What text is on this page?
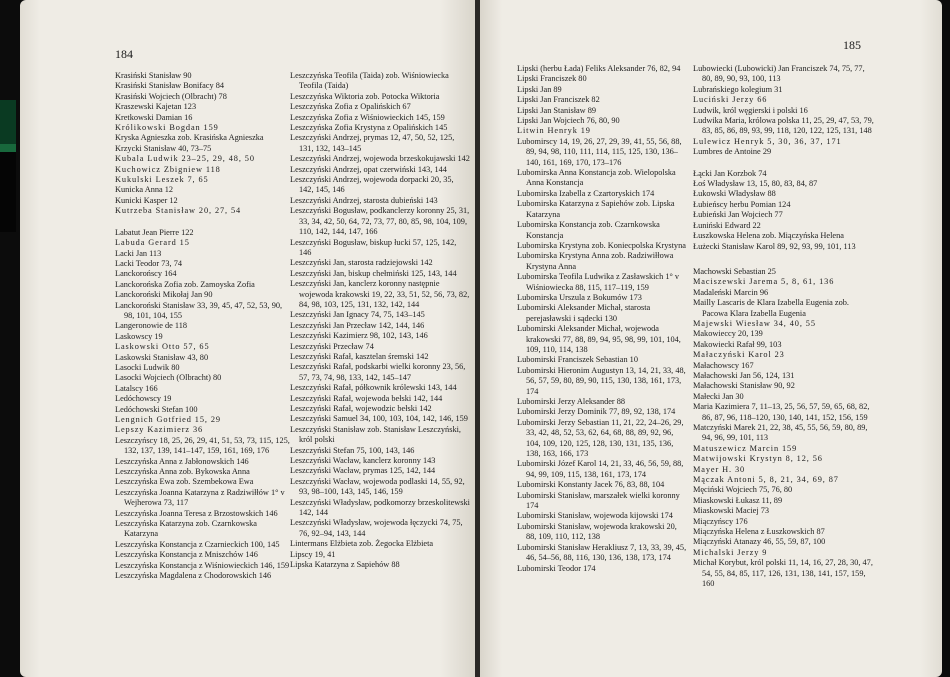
184

Krasiński Stanisław 90

Krasiński Stanisław Bonifacy 84

Krasiński Wojciech (Olbracht) 78

Kraszewski Kajetan 123

Kretkowski Damian 16

Królikowski Bogdan 159

Kryska Agnieszka zob. Krasińska Agnieszka

Krzycki Stanisław 40, 73–75

Kubala Ludwik 23–25, 29, 48, 50

Kuchowicz Zbigniew 118

Kukulski Leszek 7, 65

Kunicka Anna 12

Kunicki Kasper 12

Kutrzeba Stanisław 20, 27, 54

Labatut Jean Pierre 122

Labuda Gerard 15

Lacki Jan 113

Lacki Teodor 73, 74

Lanckorońscy 164

Lanckorońska Zofia zob. Zamoyska Zofia

Lanckoroński Mikołaj Jan 90

Lanckoroński Stanisław 33, 39, 45, 47, 52, 53, 90, 98, 101, 104, 155

Langeronowie de 118

Laskowscy 19

Laskowski Otto 57, 65

Laskowski Stanisław 43, 80

Lasocki Ludwik 80

Lasocki Wojciech (Olbracht) 80

Latalscy 166

Ledóchowscy 19

Ledóchowski Stefan 100

Lengnich Gotfried 15, 29

Lepszy Kazimierz 36

Leszczyńscy 18, 25, 26, 29, 41, 51, 53, 73, 115, 125, 132, 137, 139, 141–147, 159, 161, 169, 176

Leszczyńska Anna z Jabłonowskich 146

Leszczyńska Anna zob. Bykowska Anna

Leszczyńska Ewa zob. Szembekowa Ewa

Leszczyńska Joanna Katarzyna z Radziwiłłów 1° v Wejherowa 73, 117

Leszczyńska Joanna Teresa z Brzostowskich 146

Leszczyńska Katarzyna zob. Czarnkowska Katarzyna

Leszczyńska Konstancja z Czarnieckich 100, 145

Leszczyńska Konstancja z Mniszchów 146

Leszczyńska Konstancja z Wiśniowieckich 146, 159

Leszczyńska Magdalena z Chodorowskich 146

Leszczyńska Teofila (Taida) zob. Wiśniowiecka Teofila (Taida)

Leszczyńska Wiktoria zob. Potocka Wiktoria

Leszczyńska Zofia z Opalińskich 67

Leszczyńska Zofia z Wiśniowieckich 145, 159

Leszczyńska Zofia Krystyna z Opalińskich 145

Leszczyński Andrzej, prymas 12, 47, 50, 52, 125, 131, 132, 143–145

Leszczyński Andrzej, wojewoda brzeskokujawski 142

Leszczyński Andrzej, opat czerwiński 143, 144

Leszczyński Andrzej, wojewoda dorpacki 20, 35, 142, 145, 146

Leszczyński Andrzej, starosta dubieński 143

Leszczyński Bogusław, podkanclerzy koronny 25, 31, 33, 34, 42, 50, 64, 72, 73, 77, 80, 85, 98, 104, 109, 110, 142, 144, 147, 166

Leszczyński Bogusław, biskup łucki 57, 125, 142, 146

Leszczyński Jan, starosta radziejowski 142

Leszczyński Jan, biskup chełmiński 125, 143, 144

Leszczyński Jan, kanclerz koronny następnie wojewoda krakowski 19, 22, 33, 51, 52, 56, 73, 82, 84, 98, 103, 125, 131, 132, 142, 144

Leszczyński Jan Ignacy 74, 75, 143–145

Leszczyński Jan Przecław 142, 144, 146

Leszczyński Kazimierz 98, 102, 143, 146

Leszczyński Przecław 74

Leszczyński Rafał, kasztelan śremski 142

Leszczyński Rafał, podskarbi wielki koronny 23, 56, 57, 73, 74, 98, 133, 142, 145–147

Leszczyński Rafał, półkownik królewski 143, 144

Leszczyński Rafał, wojewoda bełski 142, 144

Leszczyński Rafał, wojewodzic bełski 142

Leszczyński Samuel 34, 100, 103, 104, 142, 146, 159

Leszczyński Stanisław zob. Stanisław Leszczyński, król polski

Leszczyński Stefan 75, 100, 143, 146

Leszczyński Wacław, kanclerz koronny 143

Leszczyński Wacław, prymas 125, 142, 144

Leszczyński Wacław, wojewoda podlaski 14, 55, 92, 93, 98–100, 143, 145, 146, 159

Leszczyński Władysław, podkomorzy brzeskolitewski 142, 144

Leszczyński Władysław, wojewoda łęczycki 74, 75, 76, 92–94, 143, 144

Lintermans Elżbieta zob. Żegocka Elżbieta

Lipscy 19, 41

Lipska Katarzyna z Sapiehów 88

185

Lipski (herbu Łada) Feliks Aleksander 76, 82, 94

Lipski Franciszek 80

Lipski Jan 89

Lipski Jan Franciszek 82

Lipski Jan Stanisław 89

Lipski Jan Wojciech 76, 80, 90

Litwin Henryk 19

Lubomirscy 14, 19, 26, 27, 29, 39, 41, 55, 56, 88, 89, 94, 98, 110, 111, 114, 115, 125, 130, 136–140, 161, 169, 170, 173–176

Lubomirska Anna Konstancja zob. Wielopolska Anna Konstancja

Lubomirska Izabella z Czartoryskich 174

Lubomirska Katarzyna z Sapiehów zob. Lipska Katarzyna

Lubomirska Konstancja zob. Czarnkowska Konstancja

Lubomirska Krystyna zob. Koniecpolska Krystyna

Lubomirska Krystyna Anna zob. Radziwiłłowa Krystyna Anna

Lubomirska Teofila Ludwika z Zasławskich 1° v Wiśniowiecka 88, 115, 117–119, 159

Lubomirska Urszula z Bokumów 173

Lubomirski Aleksander Michał, starosta perejasławski i sądecki 130

Lubomirski Aleksander Michał, wojewoda krakowski 77, 88, 89, 94, 95, 98, 99, 101, 104, 109, 110, 114, 138

Lubomirski Franciszek Sebastian 10

Lubomirski Hieronim Augustyn 13, 14, 21, 33, 48, 56, 57, 59, 80, 89, 90, 115, 130, 138, 161, 173, 174

Lubomirski Jerzy Aleksander 88

Lubomirski Jerzy Dominik 77, 89, 92, 138, 174

Lubomirski Jerzy Sebastian 11, 21, 22, 24–26, 29, 33, 42, 48, 52, 53, 62, 64, 68, 88, 89, 92, 96, 104, 109, 120, 125, 128, 130, 131, 135, 136, 138, 163, 166, 173

Lubomirski Józef Karol 14, 21, 33, 46, 56, 59, 88, 94, 99, 109, 115, 138, 161, 173, 174

Lubomirski Konstanty Jacek 76, 83, 88, 104

Lubomirski Stanisław, marszałek wielki koronny 174

Lubomirski Stanisław, wojewoda kijowski 174

Lubomirski Stanisław, wojewoda krakowski 20, 88, 109, 110, 112, 138

Lubomirski Stanisław Herakliusz 7, 13, 33, 39, 45, 46, 54–56, 88, 116, 130, 136, 138, 173, 174

Lubomirski Teodor 174

Lubowiecki (Lubowicki) Jan Franciszek 74, 75, 77, 80, 89, 90, 93, 100, 113

Lubrańskiego kolegium 31

Luciński Jerzy 66

Ludwik, król węgierski i polski 16

Ludwika Maria, królowa polska 11, 25, 29, 47, 53, 79, 83, 85, 86, 89, 93, 99, 118, 120, 122, 125, 131, 148

Lulewicz Henryk 5, 30, 36, 37, 171

Lumbres de Antoine 29

Łącki Jan Korzbok 74

Łoś Władysław 13, 15, 80, 83, 84, 87

Łukowski Władysław 88

Łubieńscy herbu Pomian 124

Łubieński Jan Wojciech 77

Łuniński Edward 22

Łuszkowska Helena zob. Miączyńska Helena

Łużecki Stanisław Karol 89, 92, 93, 99, 101, 113

Machowski Sebastian 25

Maciszewski Jarema 5, 8, 61, 136

Madaleński Marcin 96

Mailly Lascaris de Klara Izabella Eugenia zob. Pacowa Klara Izabella Eugenia

Majewski Wiesław 34, 40, 55

Makowieccy 20, 139

Makowiecki Rafał 99, 103

Małaczyński Karol 23

Małachowscy 167

Małachowski Jan 56, 124, 131

Małachowski Stanisław 90, 92

Małecki Jan 30

Maria Kazimiera 7, 11–13, 25, 56, 57, 59, 65, 68, 82, 86, 87, 96, 118–120, 130, 140, 141, 152, 156, 159

Matczyński Marek 21, 22, 38, 45, 55, 56, 59, 80, 89, 94, 96, 99, 101, 113

Matuszewicz Marcin 159

Matwijowski Krystyn 8, 12, 56

Mayer H. 30

Mączak Antoni 5, 8, 21, 34, 69, 87

Męciński Wojciech 75, 76, 80

Miaskowski Łukasz 11, 89

Miaskowski Maciej 73

Miączyńscy 176

Miączyńska Helena z Łuszkowskich 87

Miączyński Atanazy 46, 55, 59, 87, 100

Michalski Jerzy 9

Michał Korybut, król polski 11, 14, 16, 27, 28, 30, 47, 54, 55, 84, 85, 117, 126, 131, 138, 141, 157, 159, 160
